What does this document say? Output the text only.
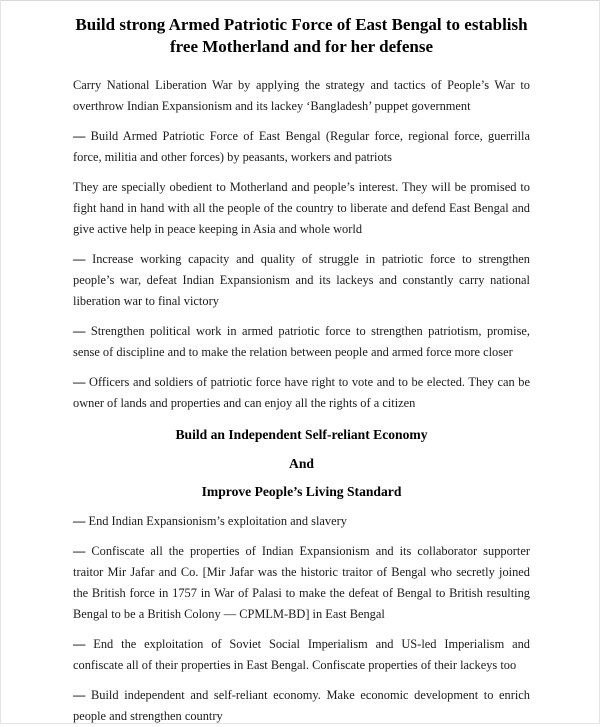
Build strong Armed Patriotic Force of East Bengal to establish free Motherland and for her defense

Carry National Liberation War by applying the strategy and tactics of People’s War to overthrow Indian Expansionism and its lackey ‘Bangladesh’ puppet government

— Build Armed Patriotic Force of East Bengal (Regular force, regional force, guerrilla force, militia and other forces) by peasants, workers and patriots

They are specially obedient to Motherland and people’s interest. They will be promised to fight hand in hand with all the people of the country to liberate and defend East Bengal and give active help in peace keeping in Asia and whole world

— Increase working capacity and quality of struggle in patriotic force to strengthen people’s war, defeat Indian Expansionism and its lackeys and constantly carry national liberation war to final victory

— Strengthen political work in armed patriotic force to strengthen patriotism, promise, sense of discipline and to make the relation between people and armed force more closer

— Officers and soldiers of patriotic force have right to vote and to be elected. They can be owner of lands and properties and can enjoy all the rights of a citizen

Build an Independent Self-reliant Economy
And
Improve People’s Living Standard

— End Indian Expansionism’s exploitation and slavery

— Confiscate all the properties of Indian Expansionism and its collaborator supporter traitor Mir Jafar and Co. [Mir Jafar was the historic traitor of Bengal who secretly joined the British force in 1757 in War of Palasi to make the defeat of Bengal to British resulting Bengal to be a British Colony — CPMLM-BD] in East Bengal

— End the exploitation of Soviet Social Imperialism and US-led Imperialism and confiscate all of their properties in East Bengal. Confiscate properties of their lackeys too

— Build independent and self-reliant economy. Make economic development to enrich people and strengthen country
